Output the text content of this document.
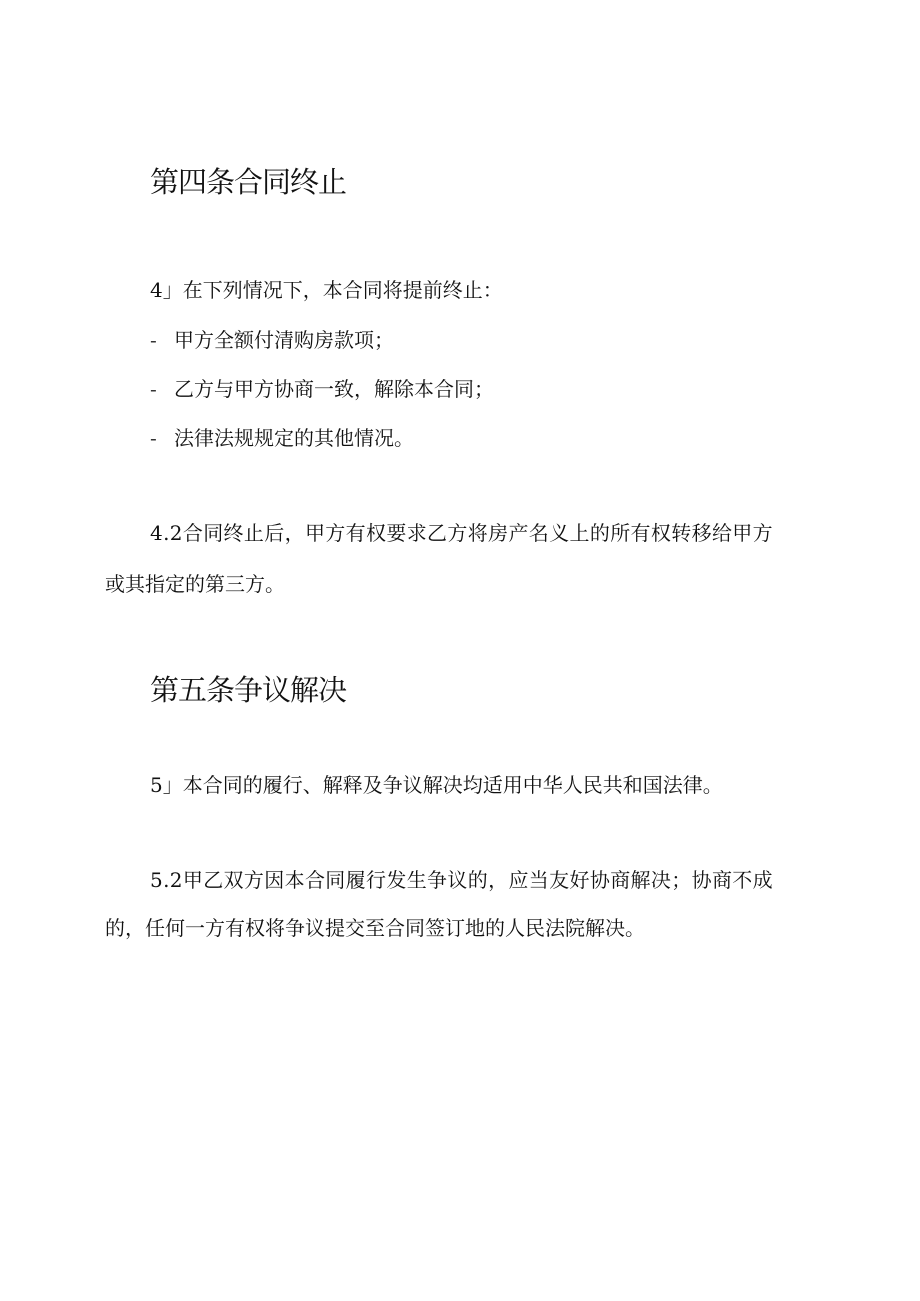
第四条合同终止

4」在下列情况下，本合同将提前终止：

- 甲方全额付清购房款项；

- 乙方与甲方协商一致，解除本合同；

- 法律法规规定的其他情况。

4.2合同终止后，甲方有权要求乙方将房产名义上的所有权转移给甲方

或其指定的第三方。

第五条争议解决

5」本合同的履行、解释及争议解决均适用中华人民共和国法律。

5.2甲乙双方因本合同履行发生争议的，应当友好协商解决；协商不成

的，任何一方有权将争议提交至合同签订地的人民法院解决。
